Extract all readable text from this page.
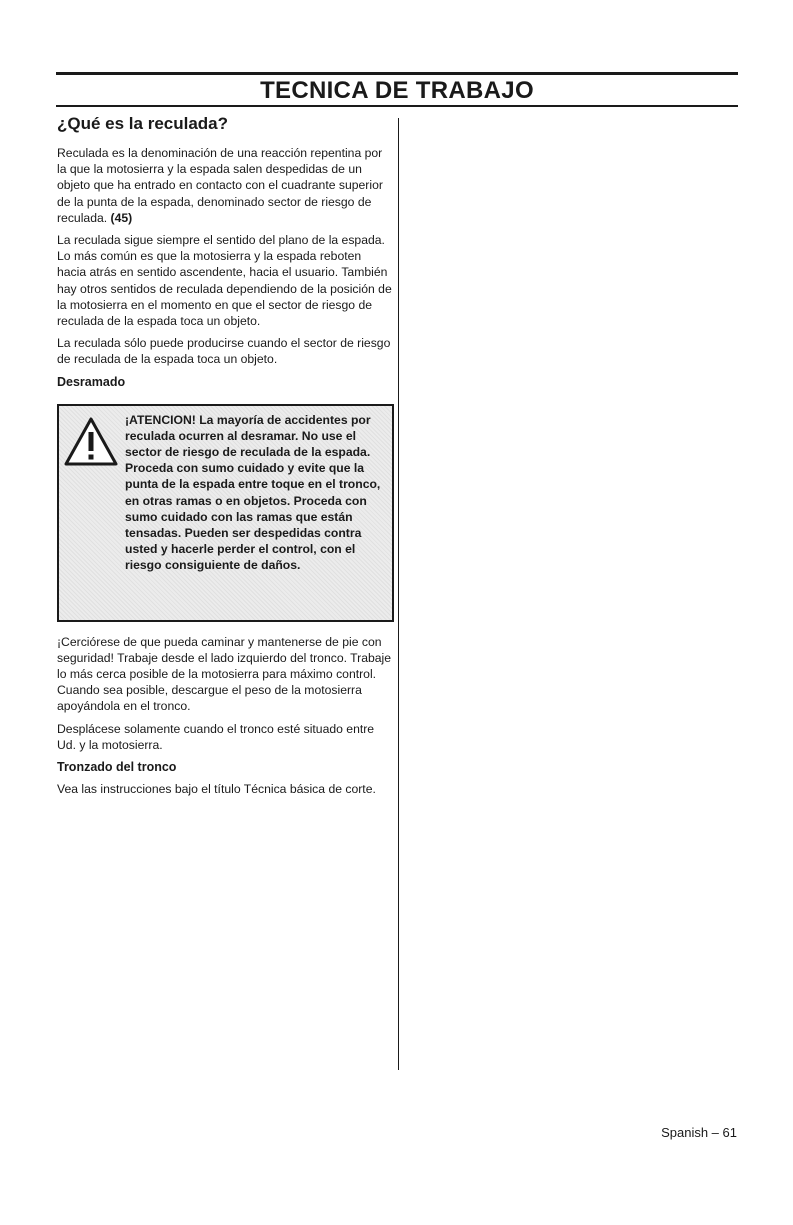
TECNICA DE TRABAJO
¿Qué es la reculada?

Reculada es la denominación de una reacción repentina por la que la motosierra y la espada salen despedidas de un objeto que ha entrado en contacto con el cuadrante superior de la punta de la espada, denominado sector de riesgo de reculada. (45)

La reculada sigue siempre el sentido del plano de la espada. Lo más común es que la motosierra y la espada reboten hacia atrás en sentido ascendente, hacia el usuario. También hay otros sentidos de reculada dependiendo de la posición de la motosierra en el momento en que el sector de riesgo de reculada de la espada toca un objeto.

La reculada sólo puede producirse cuando el sector de riesgo de reculada de la espada toca un objeto.

Desramado

¡ATENCION! La mayoría de accidentes por reculada ocurren al desramar. No use el sector de riesgo de reculada de la espada. Proceda con sumo cuidado y evite que la punta de la espada entre toque en el tronco, en otras ramas o en objetos. Proceda con sumo cuidado con las ramas que están tensadas. Pueden ser despedidas contra usted y hacerle perder el control, con el riesgo consiguiente de daños.

¡Cerciórese de que pueda caminar y mantenerse de pie con seguridad! Trabaje desde el lado izquierdo del tronco. Trabaje lo más cerca posible de la motosierra para máximo control. Cuando sea posible, descargue el peso de la motosierra apoyándola en el tronco.

Desplácese solamente cuando el tronco esté situado entre Ud. y la motosierra.

Tronzado del tronco

Vea las instrucciones bajo el título Técnica básica de corte.

Spanish – 61
